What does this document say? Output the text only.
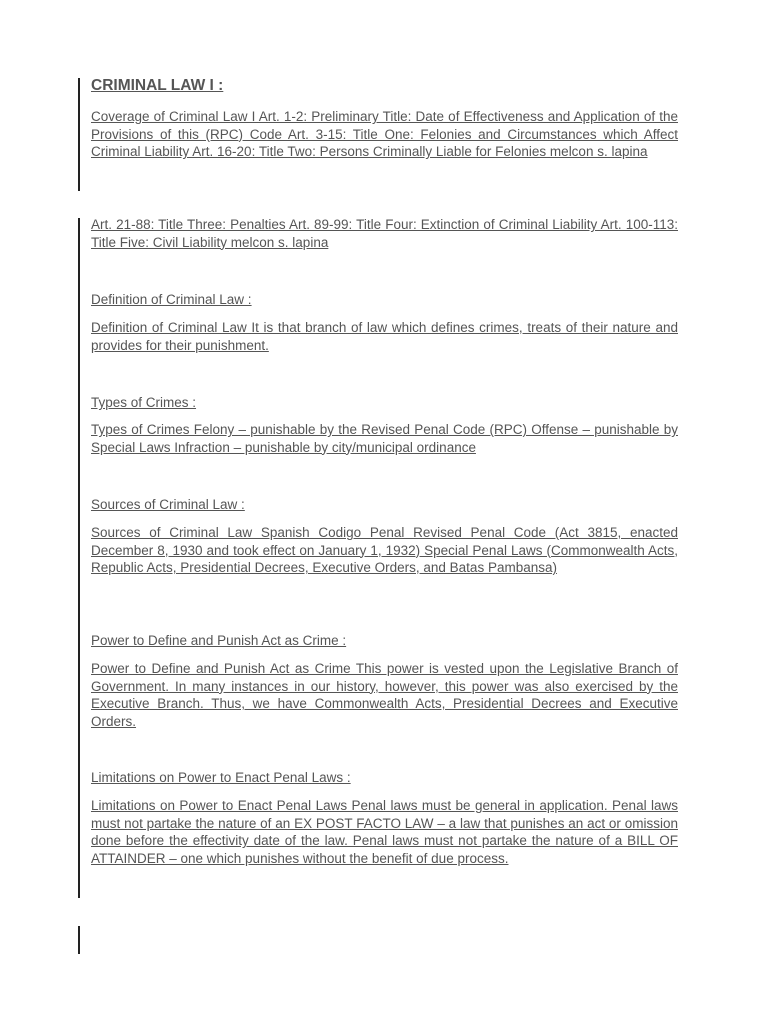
CRIMINAL LAW I :

Coverage of Criminal Law I Art. 1-2: Preliminary Title: Date of Effectiveness and Application of the Provisions of this (RPC) Code Art. 3-15: Title One: Felonies and Circumstances which Affect Criminal Liability Art. 16-20: Title Two: Persons Criminally Liable for Felonies melcon s. lapina

Art. 21-88: Title Three: Penalties Art. 89-99: Title Four: Extinction of Criminal Liability Art. 100-113: Title Five: Civil Liability melcon s. lapina

Definition of Criminal Law :

Definition of Criminal Law It is that branch of law which defines crimes, treats of their nature and provides for their punishment.

Types of Crimes :

Types of Crimes Felony – punishable by the Revised Penal Code (RPC) Offense – punishable by Special Laws Infraction – punishable by city/municipal ordinance

Sources of Criminal Law :

Sources of Criminal Law Spanish Codigo Penal Revised Penal Code (Act 3815, enacted December 8, 1930 and took effect on January 1, 1932) Special Penal Laws (Commonwealth Acts, Republic Acts, Presidential Decrees, Executive Orders, and Batas Pambansa)

Power to Define and Punish Act as Crime :

Power to Define and Punish Act as Crime This power is vested upon the Legislative Branch of Government. In many instances in our history, however, this power was also exercised by the Executive Branch. Thus, we have Commonwealth Acts, Presidential Decrees and Executive Orders.

Limitations on Power to Enact Penal Laws :

Limitations on Power to Enact Penal Laws Penal laws must be general in application. Penal laws must not partake the nature of an EX POST FACTO LAW – a law that punishes an act or omission done before the effectivity date of the law. Penal laws must not partake the nature of a BILL OF ATTAINDER – one which punishes without the benefit of due process.
